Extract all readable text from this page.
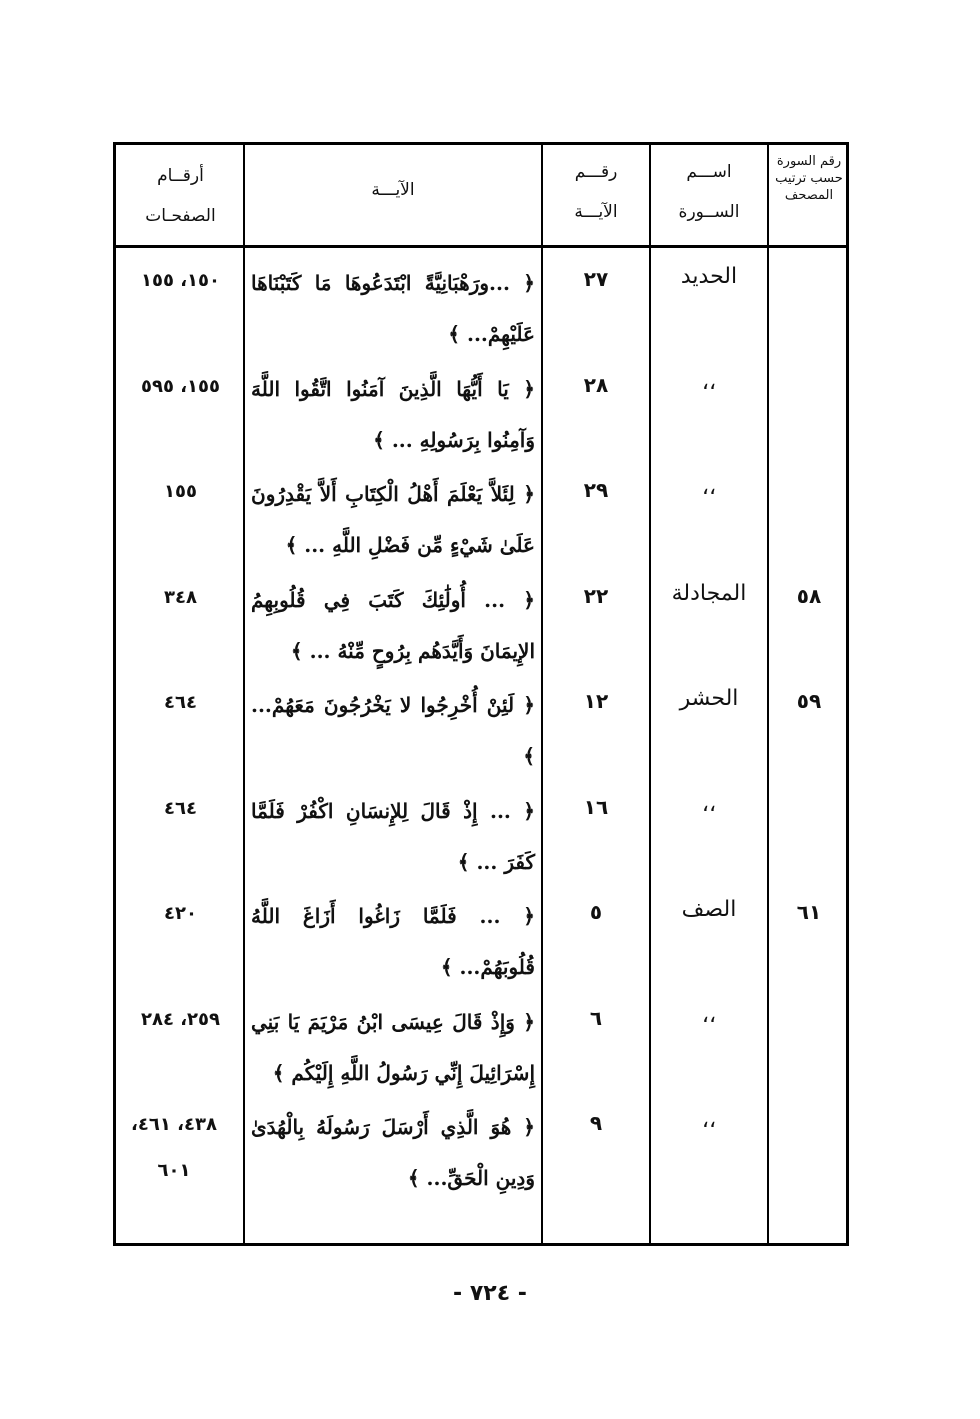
رقم السورة حسب ترتيب المصحف
اســـم
الســورة
رقـــم
الآيـــة
الآيـــة
أرقــام
الصفحـات
الحديد
٢٧
﴿ ...ورَهْبَانِيَّةً ابْتَدَعُوهَا مَا كَتَبْنَاهَا عَلَيْهِمْ... ﴾
١٥٠، ١٥٥
،،
٢٨
﴿ يَا أَيُّهَا الَّذِينَ آمَنُوا اتَّقُوا اللَّهَ وَآمِنُوا بِرَسُولِهِ ... ﴾
١٥٥، ٥٩٥
،،
٢٩
﴿ لِئَلاَّ يَعْلَمَ أَهْلُ الْكِتَابِ أَلاَّ يَقْدِرُونَ عَلَىٰ شَيْءٍ مِّن فَضْلِ اللَّهِ ... ﴾
١٥٥
٥٨
المجادلة
٢٢
﴿ ... أُولَٰئِكَ كَتَبَ فِي قُلُوبِهِمُ الإِيمَانَ وَأَيَّدَهُم بِرُوحٍ مِّنْهُ ... ﴾
٣٤٨
٥٩
الحشر
١٢
﴿ لَئِنْ أُخْرِجُوا لا يَخْرُجُونَ مَعَهُمْ... ﴾
٤٦٤
،،
١٦
﴿ ... إِذْ قَالَ لِلإِنسَانِ اكْفُرْ فَلَمَّا كَفَرَ ... ﴾
٤٦٤
٦١
الصف
٥
﴿ ... فَلَمَّا زَاغُوا أَزَاغَ اللَّهُ قُلُوبَهُمْ... ﴾
٤٢٠
،،
٦
﴿ وَإِذْ قَالَ عِيسَى ابْنُ مَرْيَمَ يَا بَنِي إِسْرَائِيلَ إِنِّي رَسُولُ اللَّهِ إِلَيْكُم ﴾
٢٥٩، ٢٨٤
،،
٩
﴿ هُوَ الَّذِي أَرْسَلَ رَسُولَهُ بِالْهُدَىٰ وَدِينِ الْحَقِّ... ﴾
٤٣٨، ٤٦١، ٦٠١
- ٧٢٤ -
